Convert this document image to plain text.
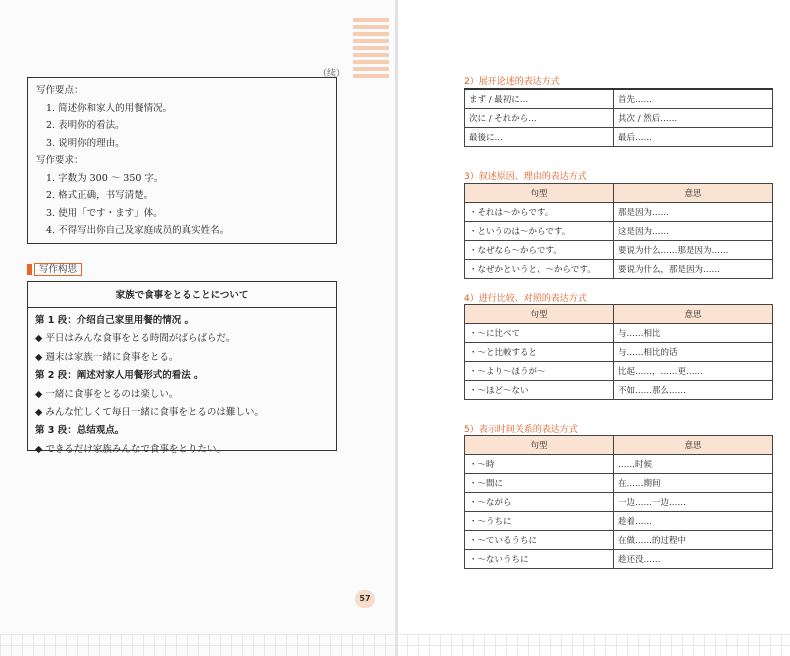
（续）
写作要点：
1. 简述你和家人的用餐情况。
2. 表明你的看法。
3. 说明你的理由。
写作要求：
1. 字数为 300 ～ 350 字。
2. 格式正确，书写清楚。
3. 使用「です・ます」体。
4. 不得写出你自己及家庭成员的真实姓名。
写作构思
家族で食事をとることについて
第 1 段：介绍自己家里用餐的情况 。
◆ 平日はみんな食事をとる時間がばらばらだ。
◆ 週末は家族一緒に食事をとる。
第 2 段：阐述对家人用餐形式的看法 。
◆ 一緒に食事をとるのは楽しい。
◆ みんな忙しくて毎日一緒に食事をとるのは難しい。
第 3 段：总结观点。
◆ できるだけ家族みんなで食事をとりたい。
57
2）展开论述的表达方式
まず / 最初に…	首先……
次に / それから…	其次 / 然后……
最後に…	最后……
3）叙述原因、理由的表达方式
句型	意思
・それは～からです。	那是因为……
・というのは～からです。	这是因为……
・なぜなら～からです。	要说为什么……那是因为……
・なぜかというと、～からです。	要说为什么，那是因为……
4）进行比较、对照的表达方式
句型	意思
・～に比べて	与……相比
・～と比較すると	与……相比的话
・～より～ほうが～	比起……，……更……
・～ほど～ない	不如……那么……
5）表示时间关系的表达方式
句型	意思
・～時	……时候
・～間に	在……期间
・～ながら	一边……一边……
・～うちに	趁着……
・～ているうちに	在做……的过程中
・～ないうちに	趁还没……
